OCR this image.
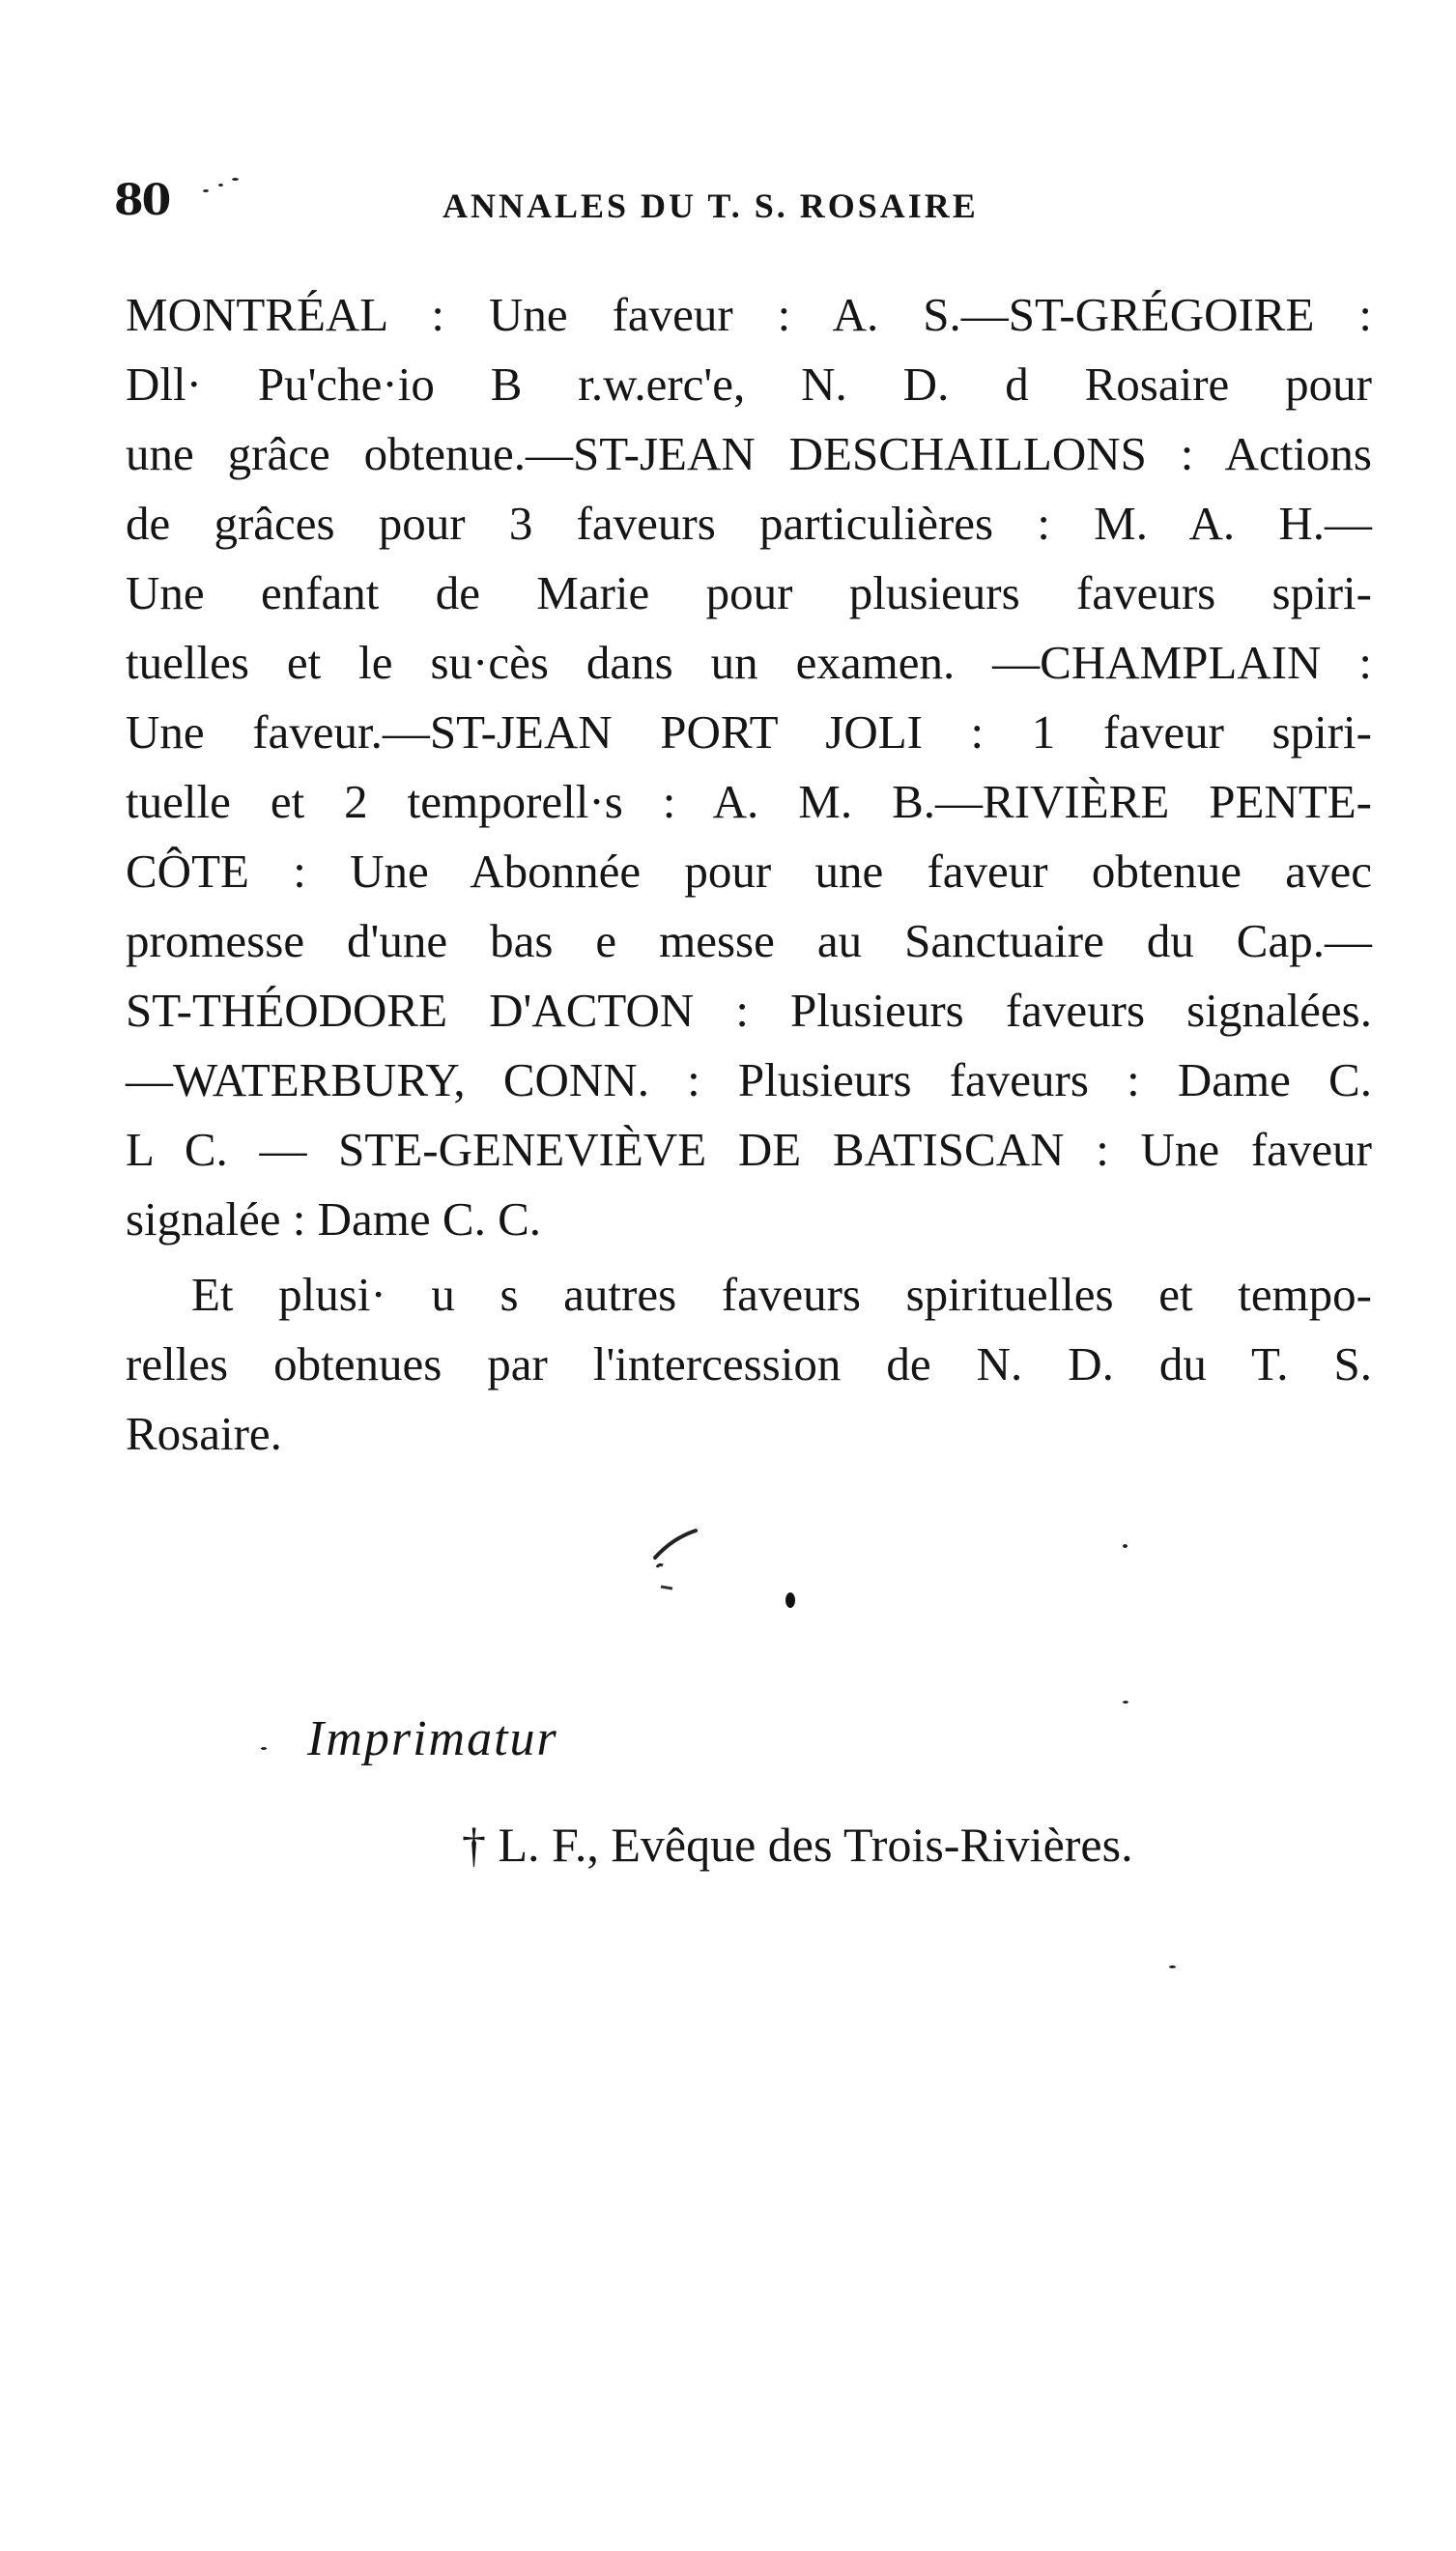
80	ANNALES DU T. S. ROSAIRE
MONTRÉAL : Une faveur : A. S.—ST-GRÉGOIRE :
Dll· Pu'che·io B r.w.erc'e, N. D. d Rosaire pour
une grâce obtenue.—ST-JEAN DESCHAILLONS : Actions
de grâces pour 3 faveurs particulières : M. A. H.—
Une enfant de Marie pour plusieurs faveurs spiri-
tuelles et le su·cès dans un examen. —CHAMPLAIN :
Une faveur.—ST-JEAN PORT JOLI : 1 faveur spiri-
tuelle et 2 temporell·s : A. M. B.—RIVIÈRE PENTE-
CÔTE : Une Abonnée pour une faveur obtenue avec
promesse d'une bas e messe au Sanctuaire du Cap.—
ST-THÉODORE D'ACTON : Plusieurs faveurs signalées.
—WATERBURY, CONN. : Plusieurs faveurs : Dame C.
L C. — STE-GENEVIÈVE DE BATISCAN : Une faveur
signalée : Dame C. C.
Et plusi· u s autres faveurs spirituelles et tempo-
relles obtenues par l'intercession de N. D. du T. S.
Rosaire.
Imprimatur
† L. F., Evêque des Trois-Rivières.
